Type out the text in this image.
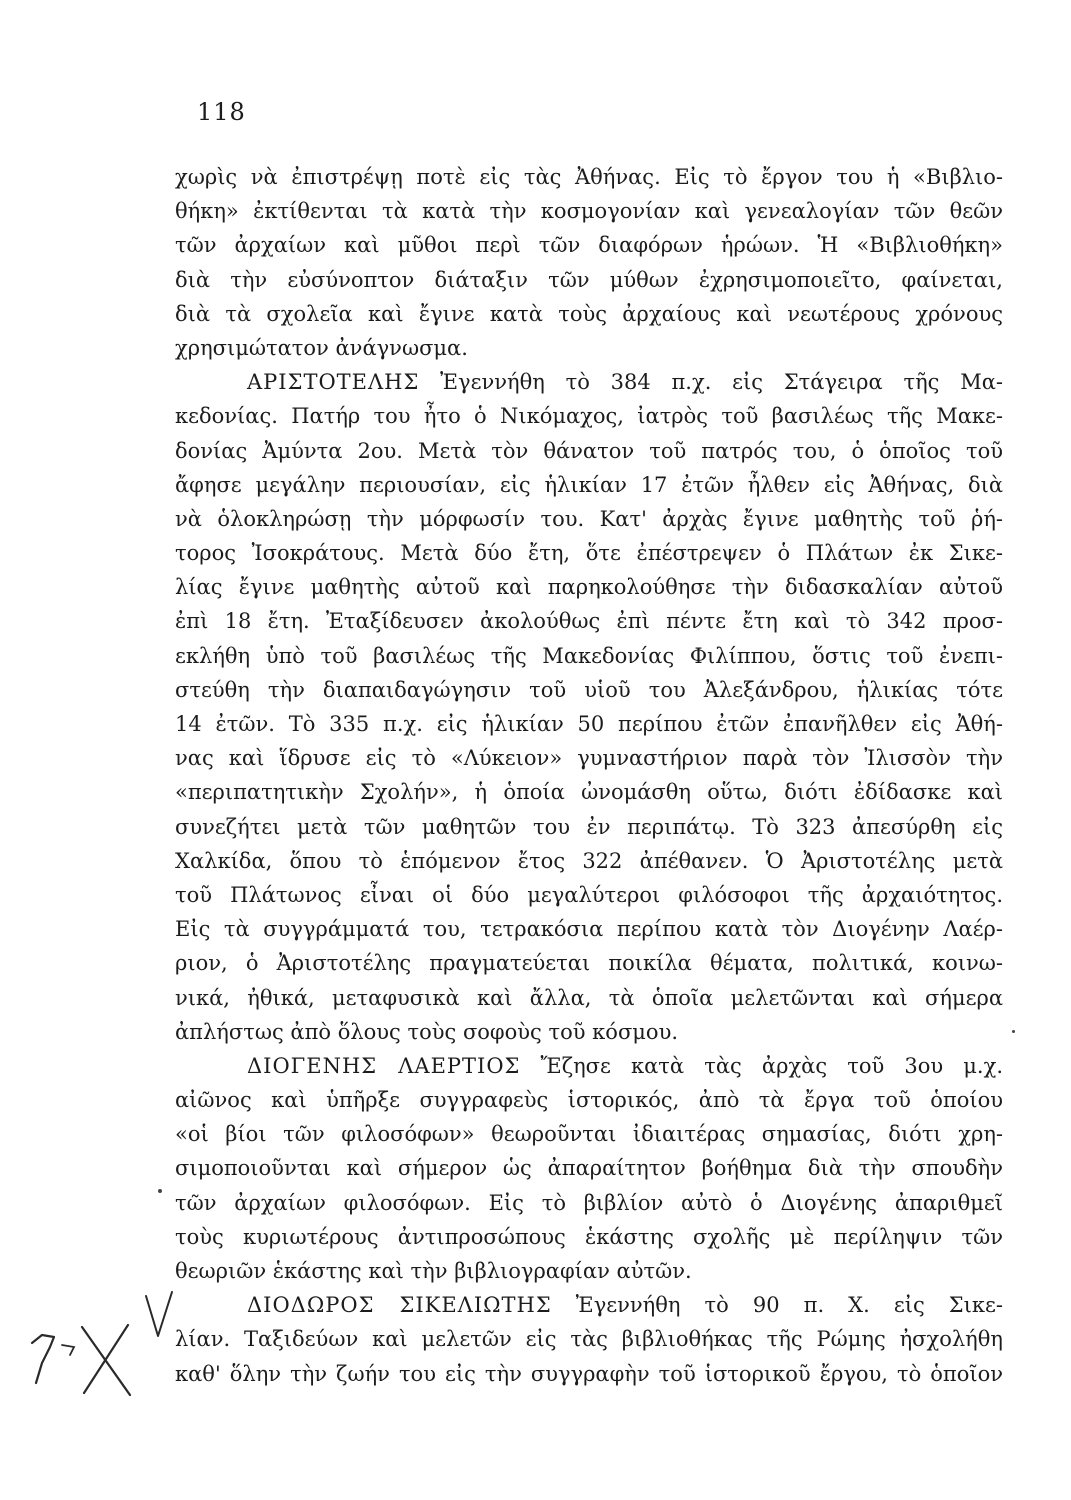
118
χωρὶς νὰ ἐπιστρέψῃ ποτὲ εἰς τὰς Ἀθήνας. Εἰς τὸ ἔργον του ἡ «Βιβλιο-
θήκη» ἐκτίθενται τὰ κατὰ τὴν κοσμογονίαν καὶ γενεαλογίαν τῶν θεῶν
τῶν ἀρχαίων καὶ μῦθοι περὶ τῶν διαφόρων ἡρώων. Ἡ «Βιβλιοθήκη»
διὰ τὴν εὐσύνοπτον διάταξιν τῶν μύθων ἐχρησιμοποιεῖτο, φαίνεται,
διὰ τὰ σχολεῖα καὶ ἔγινε κατὰ τοὺς ἀρχαίους καὶ νεωτέρους χρόνους
χρησιμώτατον ἀνάγνωσμα.
ΑΡΙΣΤΟΤΕΛΗΣ Ἐγεννήθη τὸ 384 π.χ. εἰς Στάγειρα τῆς Μα-
κεδονίας. Πατήρ του ἦτο ὁ Νικόμαχος, ἰατρὸς τοῦ βασιλέως τῆς Μακε-
δονίας Ἀμύντα 2ου. Μετὰ τὸν θάνατον τοῦ πατρός του, ὁ ὁποῖος τοῦ
ἄφησε μεγάλην περιουσίαν, εἰς ἡλικίαν 17 ἐτῶν ἦλθεν εἰς Ἀθήνας, διὰ
νὰ ὁλοκληρώσῃ τὴν μόρφωσίν του. Κατ' ἀρχὰς ἔγινε μαθητὴς τοῦ ῥή-
τορος Ἰσοκράτους. Μετὰ δύο ἔτη, ὅτε ἐπέστρεψεν ὁ Πλάτων ἐκ Σικε-
λίας ἔγινε μαθητὴς αὐτοῦ καὶ παρηκολούθησε τὴν διδασκαλίαν αὐτοῦ
ἐπὶ 18 ἔτη. Ἐταξίδευσεν ἀκολούθως ἐπὶ πέντε ἔτη καὶ τὸ 342 προσ-
εκλήθη ὑπὸ τοῦ βασιλέως τῆς Μακεδονίας Φιλίππου, ὅστις τοῦ ἐνεπι-
στεύθη τὴν διαπαιδαγώγησιν τοῦ υἱοῦ του Ἀλεξάνδρου, ἡλικίας τότε
14 ἐτῶν. Τὸ 335 π.χ. εἰς ἡλικίαν 50 περίπου ἐτῶν ἐπανῆλθεν εἰς Ἀθή-
νας καὶ ἵδρυσε εἰς τὸ «Λύκειον» γυμναστήριον παρὰ τὸν Ἰλισσὸν τὴν
«περιπατητικὴν Σχολήν», ἡ ὁποία ὠνομάσθη οὕτω, διότι ἐδίδασκε καὶ
συνεζήτει μετὰ τῶν μαθητῶν του ἐν περιπάτῳ. Τὸ 323 ἀπεσύρθη εἰς
Χαλκίδα, ὅπου τὸ ἑπόμενον ἔτος 322 ἀπέθανεν. Ὁ Ἀριστοτέλης μετὰ
τοῦ Πλάτωνος εἶναι οἱ δύο μεγαλύτεροι φιλόσοφοι τῆς ἀρχαιότητος.
Εἰς τὰ συγγράμματά του, τετρακόσια περίπου κατὰ τὸν Διογένην Λαέρ-
ριον, ὁ Ἀριστοτέλης πραγματεύεται ποικίλα θέματα, πολιτικά, κοινω-
νικά, ἠθικά, μεταφυσικὰ καὶ ἄλλα, τὰ ὁποῖα μελετῶνται καὶ σήμερα
ἀπλήστως ἀπὸ ὅλους τοὺς σοφοὺς τοῦ κόσμου.
ΔΙΟΓΕΝΗΣ ΛΑΕΡΤΙΟΣ Ἔζησε κατὰ τὰς ἀρχὰς τοῦ 3ου μ.χ.
αἰῶνος καὶ ὑπῆρξε συγγραφεὺς ἱστορικός, ἀπὸ τὰ ἔργα τοῦ ὁποίου
«οἱ βίοι τῶν φιλοσόφων» θεωροῦνται ἰδιαιτέρας σημασίας, διότι χρη-
σιμοποιοῦνται καὶ σήμερον ὡς ἀπαραίτητον βοήθημα διὰ τὴν σπουδὴν
τῶν ἀρχαίων φιλοσόφων. Εἰς τὸ βιβλίον αὐτὸ ὁ Διογένης ἀπαριθμεῖ
τοὺς κυριωτέρους ἀντιπροσώπους ἑκάστης σχολῆς μὲ περίληψιν τῶν
θεωριῶν ἑκάστης καὶ τὴν βιβλιογραφίαν αὐτῶν.
ΔΙΟΔΩΡΟΣ ΣΙΚΕΛΙΩΤΗΣ Ἐγεννήθη τὸ 90 π. Χ. εἰς Σικε-
λίαν. Ταξιδεύων καὶ μελετῶν εἰς τὰς βιβλιοθήκας τῆς Ρώμης ἠσχολήθη
καθ' ὅλην τὴν ζωήν του εἰς τὴν συγγραφὴν τοῦ ἱστορικοῦ ἔργου, τὸ ὁποῖον
